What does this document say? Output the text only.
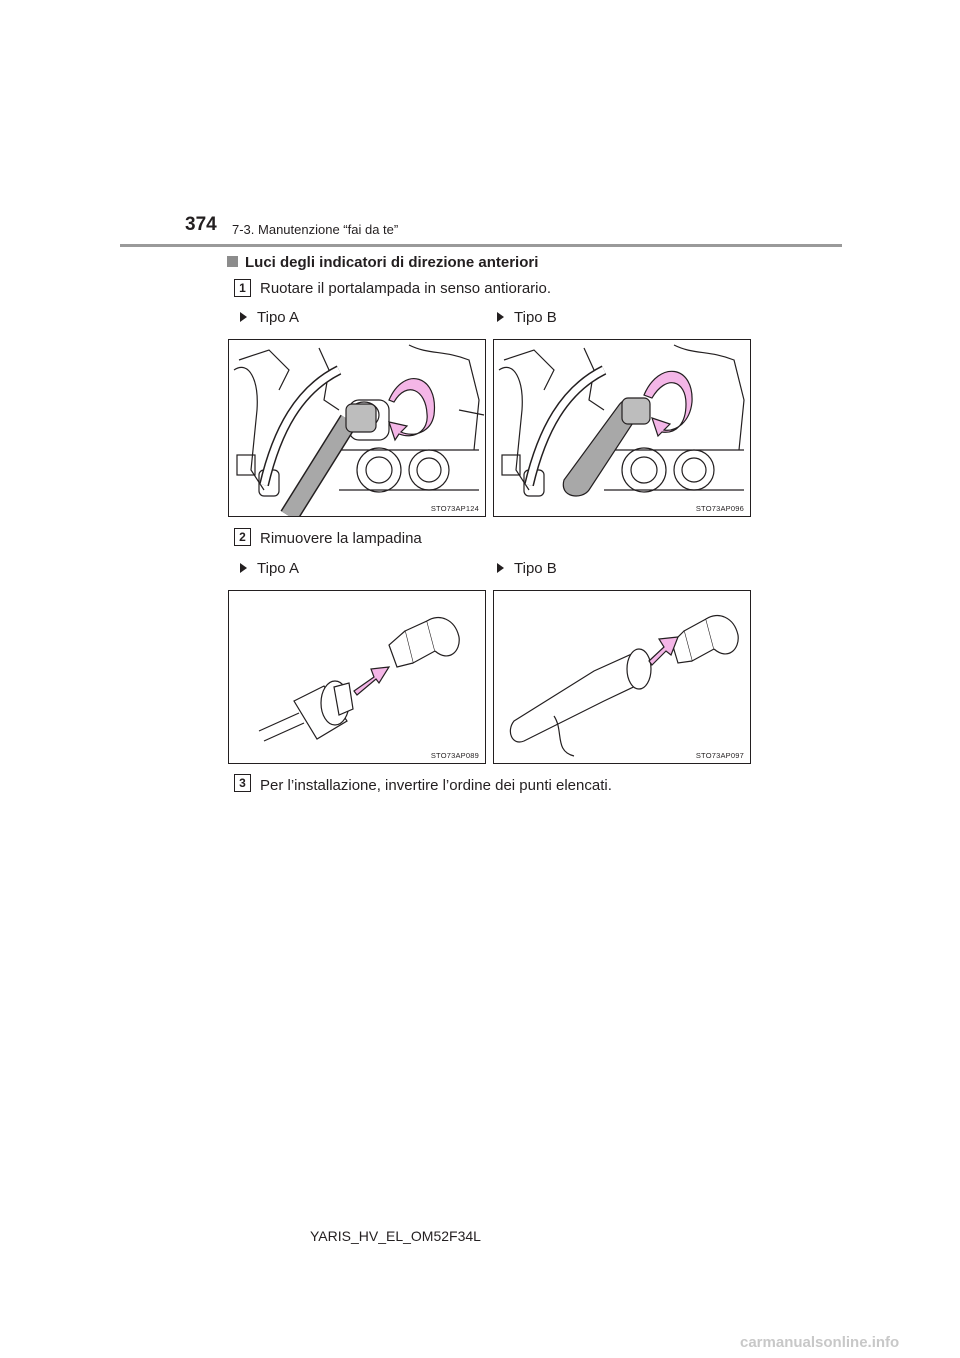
374 7-3. Manutenzione “fai da te”
Luci degli indicatori di direzione anteriori
1 Ruotare il portalampada in senso antiorario.
Tipo A	Tipo B
STO73AP124	STO73AP096
2 Rimuovere la lampadina
Tipo A	Tipo B
STO73AP089	STO73AP097
3 Per l’installazione, invertire l’ordine dei punti elencati.
YARIS_HV_EL_OM52F34L
carmanualsonline.info
